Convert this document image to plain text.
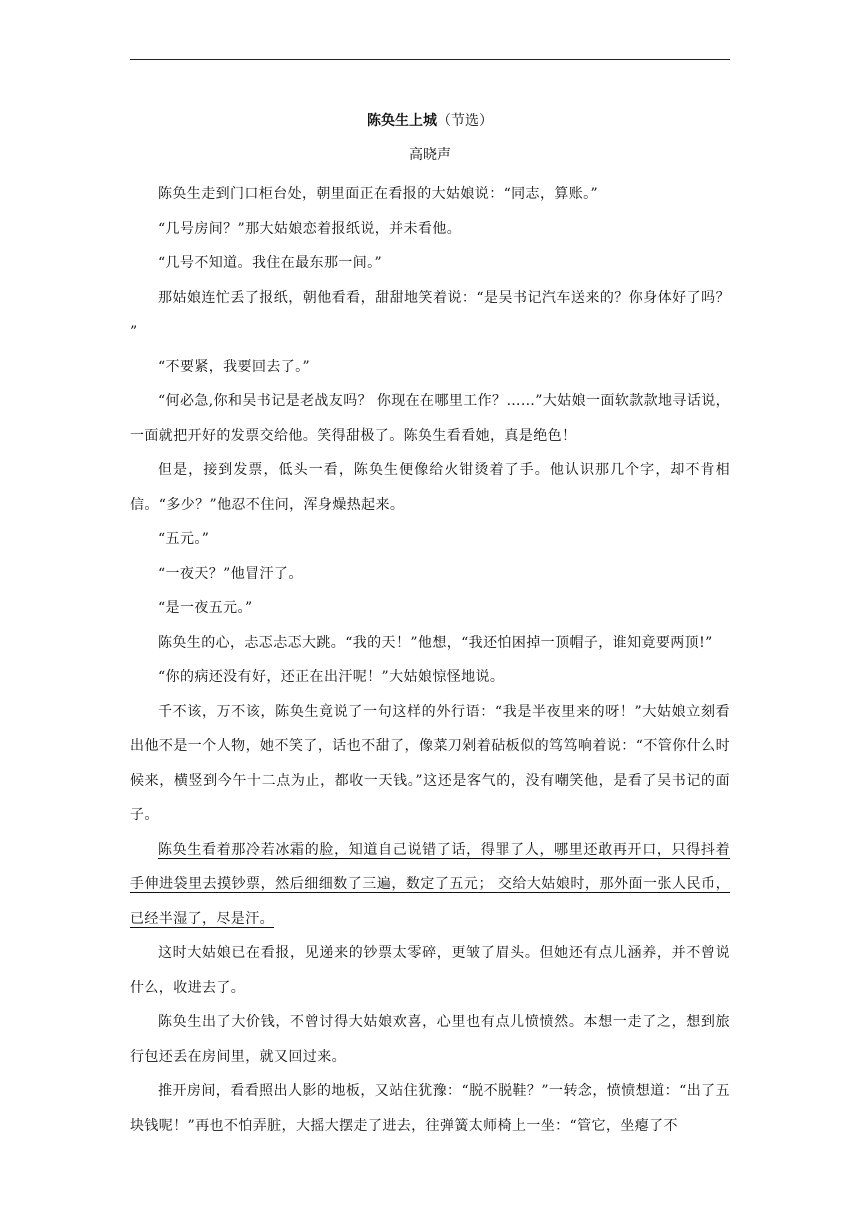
陈奂生上城（节选）
高晓声

陈奂生走到门口柜台处，朝里面正在看报的大姑娘说：“同志，算账。”

“几号房间？”那大姑娘恋着报纸说，并未看他。

“几号不知道。我住在最东那一间。”

那姑娘连忙丢了报纸，朝他看看，甜甜地笑着说：“是吴书记汽车送来的？你身体好了吗？ ”

“不要紧，我要回去了。”

“何必急,你和吴书记是老战友吗？ 你现在在哪里工作？……”大姑娘一面软款款地寻话说，一面就把开好的发票交给他。笑得甜极了。陈奂生看看她，真是绝色！

但是，接到发票，低头一看，陈奂生便像给火钳烫着了手。他认识那几个字，却不肯相信。“多少？”他忍不住问，浑身燥热起来。

“五元。”

“一夜天？”他冒汗了。

“是一夜五元。”

陈奂生的心，忐忑忐忑大跳。“我的天！”他想，“我还怕困掉一顶帽子，谁知竟要两顶!”

“你的病还没有好，还正在出汗呢！”大姑娘惊怪地说。

千不该，万不该，陈奂生竟说了一句这样的外行语：“我是半夜里来的呀！”大姑娘立刻看出他不是一个人物，她不笑了，话也不甜了，像菜刀剁着砧板似的笃笃响着说：“不管你什么时候来，横竖到今午十二点为止，都收一天钱。”这还是客气的，没有嘲笑他，是看了吴书记的面子。

陈奂生看着那冷若冰霜的脸，知道自己说错了话，得罪了人，哪里还敢再开口，只得抖着手伸进袋里去摸钞票，然后细细数了三遍，数定了五元； 交给大姑娘时，那外面一张人民币，已经半湿了，尽是汗。

这时大姑娘已在看报，见递来的钞票太零碎，更皱了眉头。但她还有点儿涵养，并不曾说什么，收进去了。

陈奂生出了大价钱，不曾讨得大姑娘欢喜，心里也有点儿愤愤然。本想一走了之，想到旅行包还丢在房间里，就又回过来。

推开房间，看看照出人影的地板，又站住犹豫：“脱不脱鞋？”一转念，愤愤想道：“出了五块钱呢！”再也不怕弄脏，大摇大摆走了进去，往弹簧太师椅上一坐：“管它，坐瘪了不
